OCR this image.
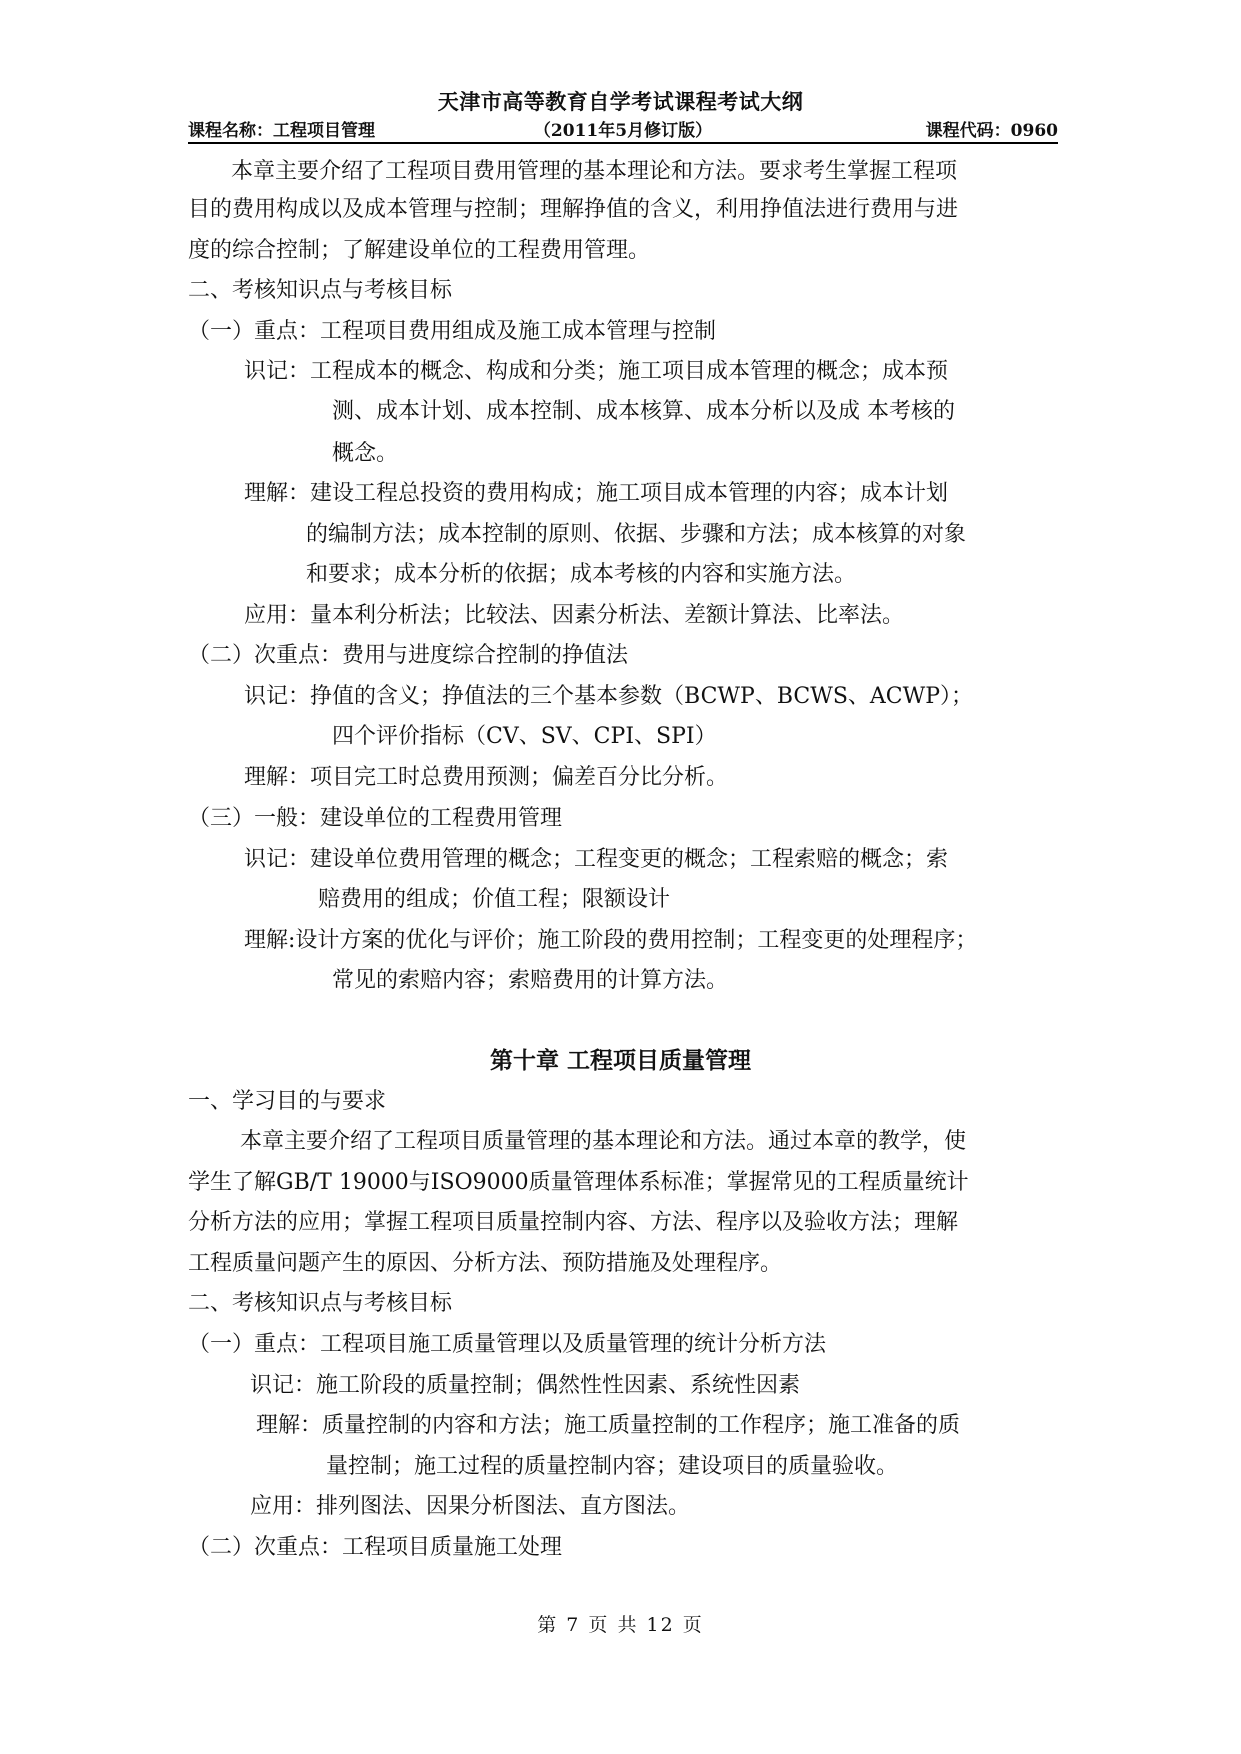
天津市高等教育自学考试课程考试大纲
课程名称：工程项目管理	（2011年5月修订版）	课程代码：0960
本章主要介绍了工程项目费用管理的基本理论和方法。要求考生掌握工程项
目的费用构成以及成本管理与控制；理解挣值的含义，利用挣值法进行费用与进
度的综合控制；了解建设单位的工程费用管理。
二、考核知识点与考核目标
（一）重点：工程项目费用组成及施工成本管理与控制
识记：工程成本的概念、构成和分类；施工项目成本管理的概念；成本预
测、成本计划、成本控制、成本核算、成本分析以及成 本考核的
概念。
理解：建设工程总投资的费用构成；施工项目成本管理的内容；成本计划
的编制方法；成本控制的原则、依据、步骤和方法；成本核算的对象
和要求；成本分析的依据；成本考核的内容和实施方法。
应用：量本利分析法；比较法、因素分析法、差额计算法、比率法。
（二）次重点：费用与进度综合控制的挣值法
识记：挣值的含义；挣值法的三个基本参数（BCWP、BCWS、ACWP）；
四个评价指标（CV、SV、CPI、SPI）
理解：项目完工时总费用预测；偏差百分比分析。
（三）一般：建设单位的工程费用管理
识记：建设单位费用管理的概念；工程变更的概念；工程索赔的概念；索
赔费用的组成；价值工程；限额设计
理解:设计方案的优化与评价；施工阶段的费用控制；工程变更的处理程序；
常见的索赔内容；索赔费用的计算方法。
第十章 工程项目质量管理
一、学习目的与要求
本章主要介绍了工程项目质量管理的基本理论和方法。通过本章的教学，使
学生了解GB/T 19000与ISO9000质量管理体系标准；掌握常见的工程质量统计
分析方法的应用；掌握工程项目质量控制内容、方法、程序以及验收方法；理解
工程质量问题产生的原因、分析方法、预防措施及处理程序。
二、考核知识点与考核目标
（一）重点：工程项目施工质量管理以及质量管理的统计分析方法
识记：施工阶段的质量控制；偶然性性因素、系统性因素
理解：质量控制的内容和方法；施工质量控制的工作程序；施工准备的质
量控制；施工过程的质量控制内容；建设项目的质量验收。
应用：排列图法、因果分析图法、直方图法。
（二）次重点：工程项目质量施工处理
第 7 页 共 12 页
